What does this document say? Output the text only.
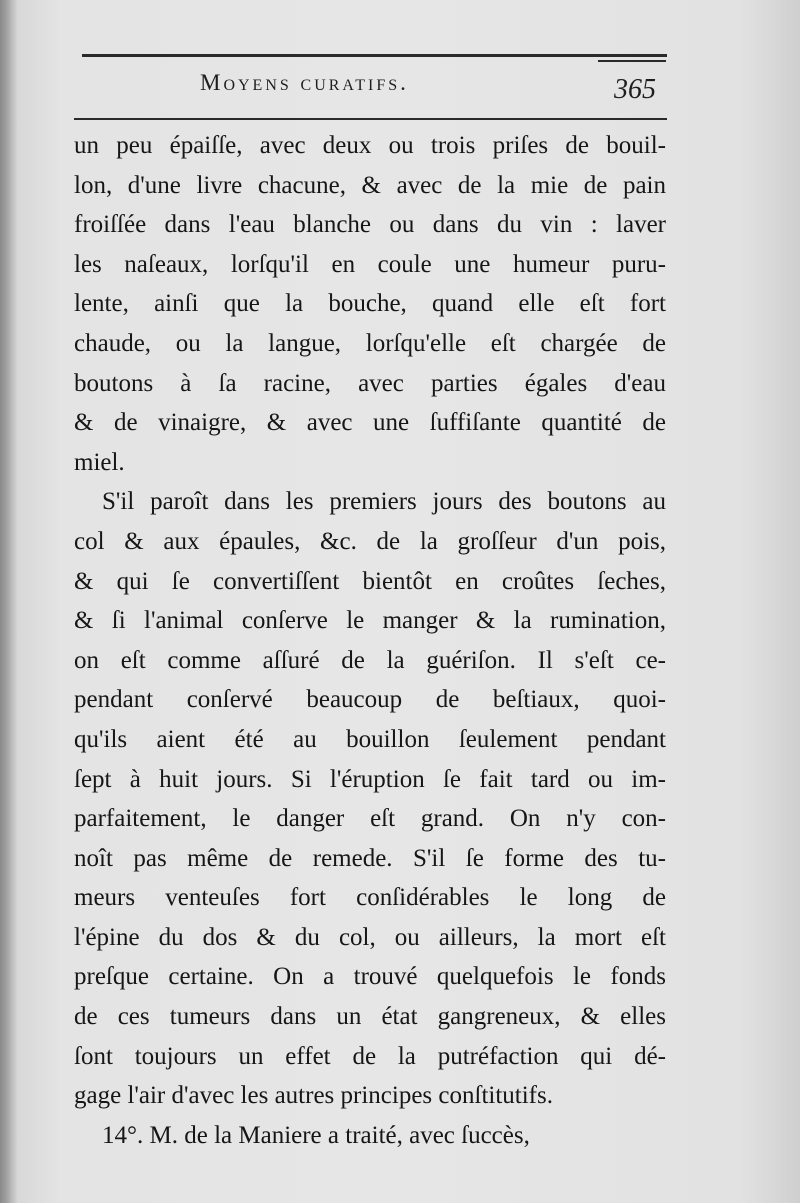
Moyens curatifs.	365
un peu épaiſſe, avec deux ou trois priſes de bouil-
lon, d'une livre chacune, & avec de la mie de pain
froiſſée dans l'eau blanche ou dans du vin : laver
les naſeaux, lorſqu'il en coule une humeur puru-
lente, ainſi que la bouche, quand elle eſt fort
chaude, ou la langue, lorſqu'elle eſt chargée de
boutons à ſa racine, avec parties égales d'eau
& de vinaigre, & avec une ſuffiſante quantité de
miel.
S'il paroît dans les premiers jours des boutons au
col & aux épaules, &c. de la groſſeur d'un pois,
& qui ſe convertiſſent bientôt en croûtes ſeches,
& ſi l'animal conſerve le manger & la rumination,
on eſt comme aſſuré de la guériſon. Il s'eſt ce-
pendant conſervé beaucoup de beſtiaux, quoi-
qu'ils aient été au bouillon ſeulement pendant
ſept à huit jours. Si l'éruption ſe fait tard ou im-
parfaitement, le danger eſt grand. On n'y con-
noît pas même de remede. S'il ſe forme des tu-
meurs venteuſes fort conſidérables le long de
l'épine du dos & du col, ou ailleurs, la mort eſt
preſque certaine. On a trouvé quelquefois le fonds
de ces tumeurs dans un état gangreneux, & elles
ſont toujours un effet de la putréfaction qui dé-
gage l'air d'avec les autres principes conſtitutifs.
14°. M. de la Maniere a traité, avec ſuccès,
